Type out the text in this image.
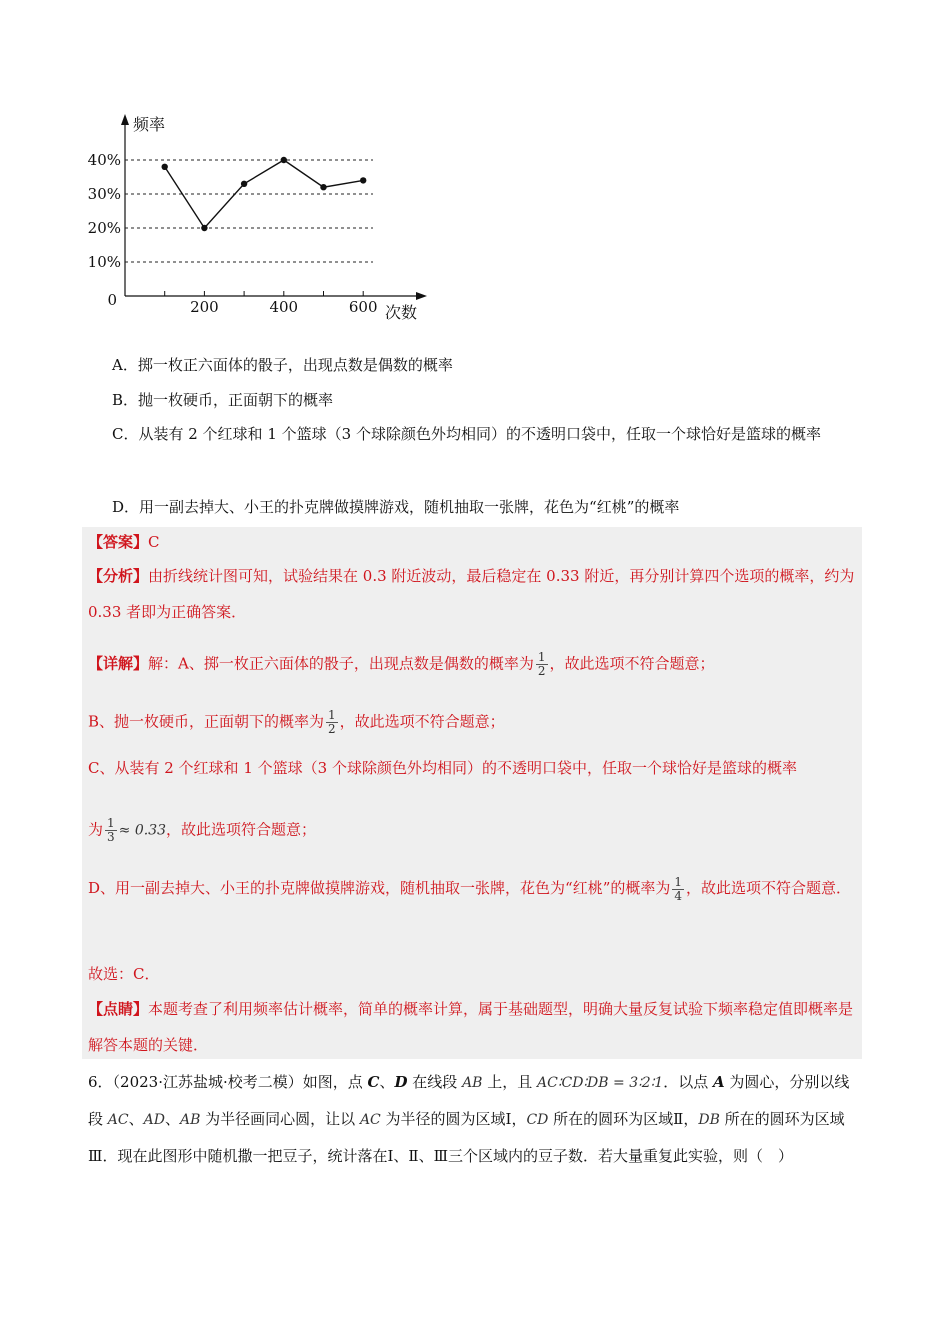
10%
20%
30%
40%
200	400	600
0
频率
次数
A．掷一枚正六面体的骰子，出现点数是偶数的概率
B．抛一枚硬币，正面朝下的概率
C．从装有 2 个红球和 1 个篮球（3 个球除颜色外均相同）的不透明口袋中，任取一个球恰好是篮球的概率
D．用一副去掉大、小王的扑克牌做摸牌游戏，随机抽取一张牌，花色为“红桃”的概率
【答案】C
【分析】由折线统计图可知，试验结果在 0.3 附近波动，最后稳定在 0.33 附近，再分别计算四个选项的概率，约为 0.33 者即为正确答案．
【详解】解：A、掷一枚正六面体的骰子，出现点数是偶数的概率为 $\frac{1}{2}$ ，故此选项不符合题意；
B、抛一枚硬币，正面朝下的概率为 $\frac{1}{2}$ ，故此选项不符合题意；
C、从装有 2 个红球和 1 个篮球（3 个球除颜色外均相同）的不透明口袋中，任取一个球恰好是篮球的概率
为 $\frac{1}{3} \approx 0.33$，故此选项符合题意；
D、用一副去掉大、小王的扑克牌做摸牌游戏，随机抽取一张牌，花色为“红桃”的概率为 $\frac{1}{4}$ ，故此选项不符合题意．
故选：C．
【点睛】本题考查了利用频率估计概率，简单的概率计算，属于基础题型，明确大量反复试验下频率稳定值即概率是解答本题的关键．
6．（2023·江苏盐城·校考二模）如图，点 C、D 在线段 AB 上，且 AC∶CD∶DB = 3∶2∶1．以点 A 为圆心，分别以线段 AC、AD、AB 为半径画同心圆，让以 AC 为半径的圆为区域Ⅰ，CD 所在的圆环为区域Ⅱ，DB 所在的圆环为区域Ⅲ．现在此图形中随机撒一把豆子，统计落在Ⅰ、Ⅱ、Ⅲ三个区域内的豆子数．若大量重复此实验，则（　）
